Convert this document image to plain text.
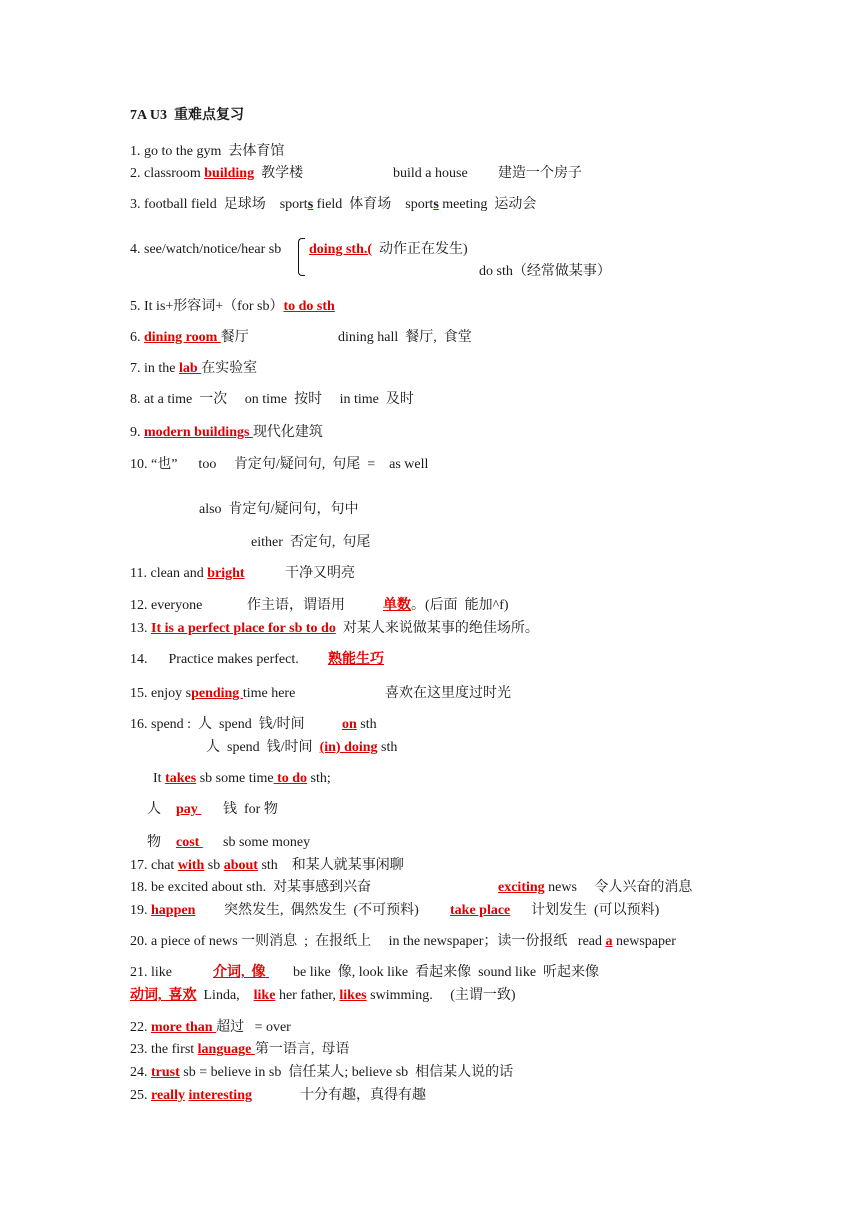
7A U3  重难点复习
1. go to the gym  去体育馆
2. classroom building  教学楼	build a house 建造一个房子
3. football field  足球场    sports field  体育场    sports meeting  运动会
4. see/watch/notice/hear sb doing sth.(  动作正在发生)
do sth（经常做某事）
5. It is+形容词+（for sb）to do sth
6. dining room 餐厅	dining hall  餐厅,  食堂
7. in the lab 在实验室
8. at a time  一次     on time  按时     in time  及时
9. modern buildings 现代化建筑
10. “也”      too     肯定句/疑问句,  句尾  =    as well
also  肯定句/疑问句，句中
either  否定句,  句尾
11. clean and bright	干净又明亮
12. everyone	作主语，谓语用	单数。(后面  能加^f)
13. It is a perfect place for sb to do  对某人来说做某事的绝佳场所。
14.      Practice makes perfect. 熟能生巧
15. enjoy spending time here	喜欢在这里度过时光
16. spend :  人  spend  钱/时间	on sth
人  spend  钱/时间  (in) doing sth
It takes sb some time to do sth;
人 pay 钱  for 物
物 cost sb some money
17. chat with sb about sth    和某人就某事闲聊
18. be excited about sth.  对某事感到兴奋	exciting news     令人兴奋的消息
19. happen 突然发生,  偶然发生  (不可预料) take place 计划发生  (可以预料)
20. a piece of news 一则消息  ;  在报纸上     in the newspaper；读一份报纸   read a newspaper
21. like	介词,  像 be like  像, look like  看起来像  sound like  听起来像
动词,  喜欢  Linda,    like her father, likes swimming.     (主谓一致)
22. more than 超过   = over
23. the first language 第一语言,  母语
24. trust sb = believe in sb  信任某人; believe sb  相信某人说的话
25. really interesting	十分有趣，真得有趣
